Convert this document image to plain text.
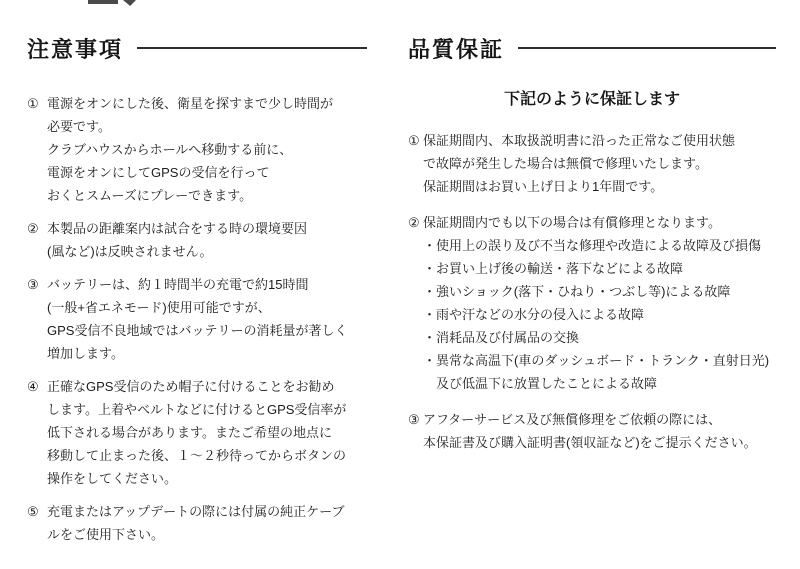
注意事項
① 電源をオンにした後、衛星を探すまで少し時間が
必要です。
クラブハウスからホールへ移動する前に、
電源をオンにしてGPSの受信を行って
おくとスムーズにプレーできます。
② 本製品の距離案内は試合をする時の環境要因
(風など)は反映されません。
③ バッテリーは、約１時間半の充電で約15時間
(一般+省エネモード)使用可能ですが、
GPS受信不良地域ではバッテリーの消耗量が著しく
増加します。
④ 正確なGPS受信のため帽子に付けることをお勧め
します。上着やベルトなどに付けるとGPS受信率が
低下される場合があります。またご希望の地点に
移動して止まった後、１～２秒待ってからボタンの
操作をしてください。
⑤ 充電またはアップデートの際には付属の純正ケーブ
ルをご使用下さい。
品質保証

下記のように保証します

① 保証期間内、本取扱説明書に沿った正常なご使用状態
で故障が発生した場合は無償で修理いたします。
保証期間はお買い上げ日より1年間です。
② 保証期間内でも以下の場合は有償修理となります。
・使用上の誤り及び不当な修理や改造による故障及び損傷
・お買い上げ後の輸送・落下などによる故障
・強いショック(落下・ひねり・つぶし等)による故障
・雨や汗などの水分の侵入による故障
・消耗品及び付属品の交換
・異常な高温下(車のダッシュボード・トランク・直射日光)
　及び低温下に放置したことによる故障
③ アフターサービス及び無償修理をご依頼の際には、
本保証書及び購入証明書(領収証など)をご提示ください。
